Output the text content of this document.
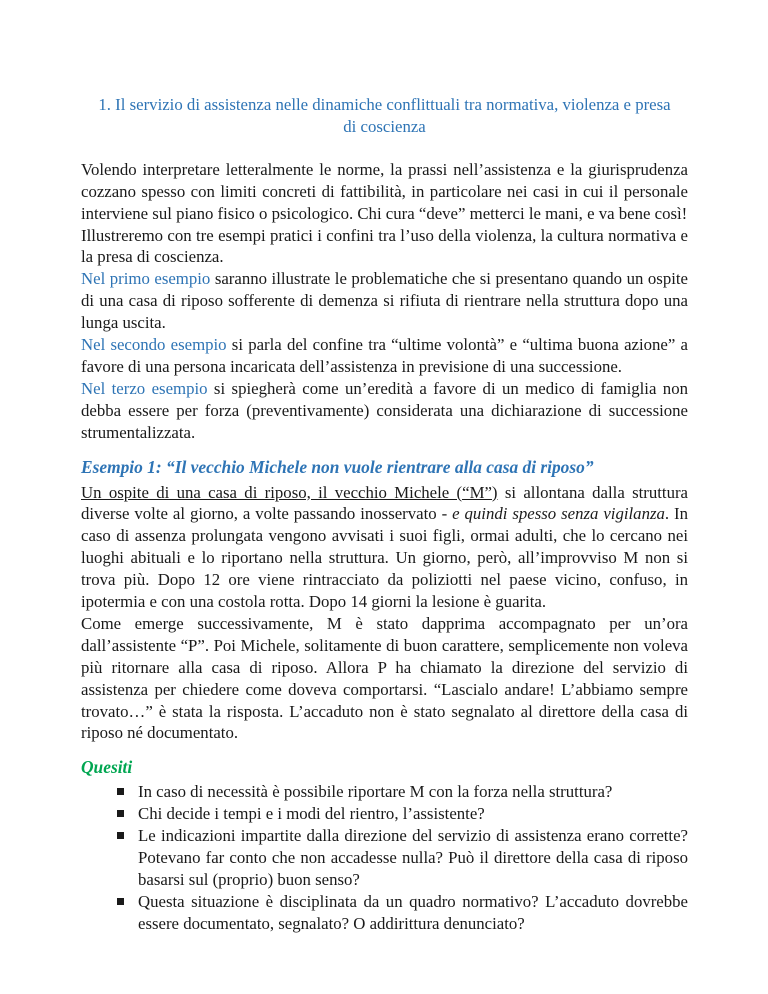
1. Il servizio di assistenza nelle dinamiche conflittuali tra normativa, violenza e presa di coscienza

Volendo interpretare letteralmente le norme, la prassi nell’assistenza e la giurisprudenza cozzano spesso con limiti concreti di fattibilità, in particolare nei casi in cui il personale interviene sul piano fisico o psicologico. Chi cura “deve” metterci le mani, e va bene così!

Illustreremo con tre esempi pratici i confini tra l’uso della violenza, la cultura normativa e la presa di coscienza.

Nel primo esempio saranno illustrate le problematiche che si presentano quando un ospite di una casa di riposo sofferente di demenza si rifiuta di rientrare nella struttura dopo una lunga uscita.

Nel secondo esempio si parla del confine tra “ultime volontà” e “ultima buona azione” a favore di una persona incaricata dell’assistenza in previsione di una successione.

Nel terzo esempio si spiegherà come un’eredità a favore di un medico di famiglia non debba essere per forza (preventivamente) considerata una dichiarazione di successione strumentalizzata.

Esempio 1: “Il vecchio Michele non vuole rientrare alla casa di riposo”

Un ospite di una casa di riposo, il vecchio Michele (“M”) si allontana dalla struttura diverse volte al giorno, a volte passando inosservato - e quindi spesso senza vigilanza. In caso di assenza prolungata vengono avvisati i suoi figli, ormai adulti, che lo cercano nei luoghi abituali e lo riportano nella struttura. Un giorno, però, all’improvviso M non si trova più. Dopo 12 ore viene rintracciato da poliziotti nel paese vicino, confuso, in ipotermia e con una costola rotta. Dopo 14 giorni la lesione è guarita.

Come emerge successivamente, M è stato dapprima accompagnato per un’ora dall’assistente “P”. Poi Michele, solitamente di buon carattere, semplicemente non voleva più ritornare alla casa di riposo. Allora P ha chiamato la direzione del servizio di assistenza per chiedere come doveva comportarsi. “Lascialo andare! L’abbiamo sempre trovato…” è stata la risposta. L’accaduto non è stato segnalato al direttore della casa di riposo né documentato.

Quesiti

In caso di necessità è possibile riportare M con la forza nella struttura?
Chi decide i tempi e i modi del rientro, l’assistente?
Le indicazioni impartite dalla direzione del servizio di assistenza erano corrette? Potevano far conto che non accadesse nulla? Può il direttore della casa di riposo basarsi sul (proprio) buon senso?
Questa situazione è disciplinata da un quadro normativo? L’accaduto dovrebbe essere documentato, segnalato? O addirittura denunciato?
